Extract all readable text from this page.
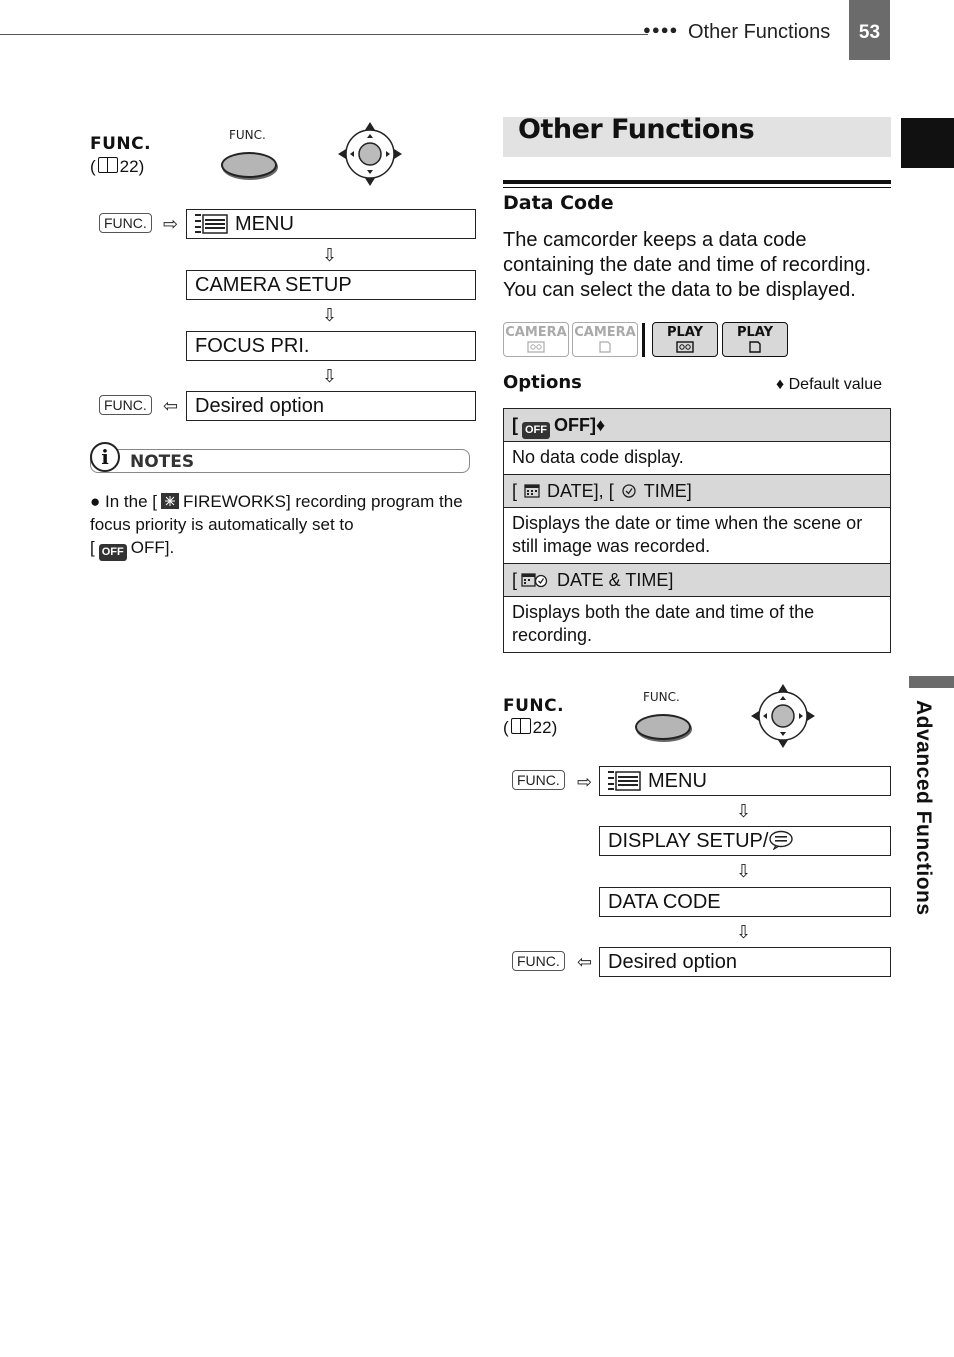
●●●● Other Functions 53
Advanced Functions
FUNC.
( 22)
FUNC.
FUNC. ⇨	MENU
⇩
CAMERA SETUP
⇩
FOCUS PRI.
⇩
FUNC. ⇦ Desired option
i	NOTES
● In the [ FIREWORKS] recording program the focus priority is automatically set to
[ OFF OFF].
Other Functions
Data Code
The camcorder keeps a data code containing the date and time of recording. You can select the data to be displayed.
CAMERA CAMERA	PLAY	PLAY
Options	♦ Default value
[ OFF OFF]♦
No data code display.
[ DATE], [ TIME]
Displays the date or time when the scene or still image was recorded.
[ DATE & TIME]
Displays both the date and time of the recording.
FUNC.
( 22)
FUNC.
FUNC. ⇨	MENU
⇩
DISPLAY SETUP/
⇩
DATA CODE
⇩
FUNC. ⇦ Desired option
